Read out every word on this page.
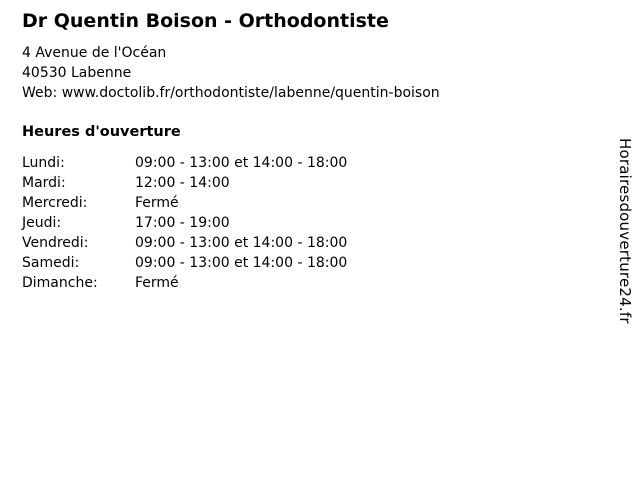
Dr Quentin Boison - Orthodontiste
4 Avenue de l'Océan
40530 Labenne
Web: www.doctolib.fr/orthodontiste/labenne/quentin-boison
Heures d'ouverture
Lundi:	09:00 - 13:00 et 14:00 - 18:00
Mardi:	12:00 - 14:00
Mercredi:	Fermé
Jeudi:	17:00 - 19:00
Vendredi:	09:00 - 13:00 et 14:00 - 18:00
Samedi:	09:00 - 13:00 et 14:00 - 18:00
Dimanche:	Fermé	Horairesdouverture24.fr
